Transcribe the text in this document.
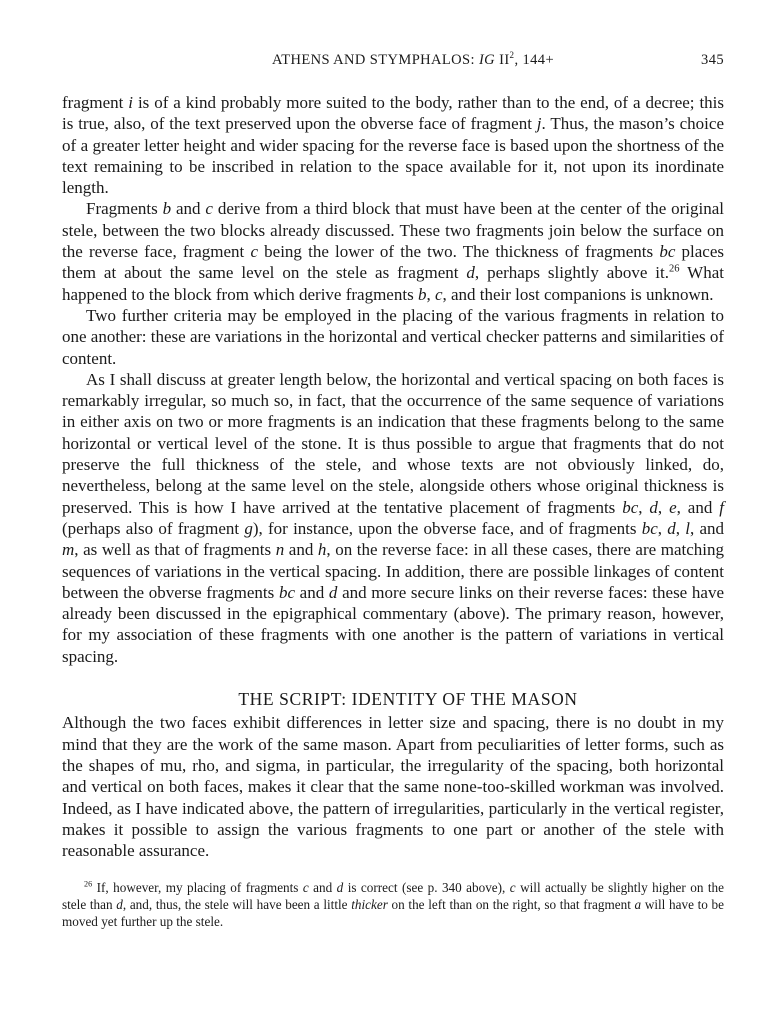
ATHENS AND STYMPHALOS: IG $II^2$, 144+	345

fragment i is of a kind probably more suited to the body, rather than to the end, of a decree; this is true, also, of the text preserved upon the obverse face of fragment j. Thus, the mason’s choice of a greater letter height and wider spacing for the reverse face is based upon the shortness of the text remaining to be inscribed in relation to the space available for it, not upon its inordinate length.

Fragments b and c derive from a third block that must have been at the center of the original stele, between the two blocks already discussed. These two fragments join below the surface on the reverse face, fragment c being the lower of the two. The thickness of fragments bc places them at about the same level on the stele as fragment d, perhaps slightly above it.$^{26}$ What happened to the block from which derive fragments b, c, and their lost companions is unknown.

Two further criteria may be employed in the placing of the various fragments in relation to one another: these are variations in the horizontal and vertical checker patterns and similarities of content.

As I shall discuss at greater length below, the horizontal and vertical spacing on both faces is remarkably irregular, so much so, in fact, that the occurrence of the same sequence of variations in either axis on two or more fragments is an indication that these fragments belong to the same horizontal or vertical level of the stone. It is thus possible to argue that fragments that do not preserve the full thickness of the stele, and whose texts are not obviously linked, do, nevertheless, belong at the same level on the stele, alongside others whose original thickness is preserved. This is how I have arrived at the tentative placement of fragments bc, d, e, and f (perhaps also of fragment g), for instance, upon the obverse face, and of fragments bc, d, l, and m, as well as that of fragments n and h, on the reverse face: in all these cases, there are matching sequences of variations in the vertical spacing. In addition, there are possible linkages of content between the obverse fragments bc and d and more secure links on their reverse faces: these have already been discussed in the epigraphical commentary (above). The primary reason, however, for my association of these fragments with one another is the pattern of variations in vertical spacing.

THE SCRIPT: IDENTITY OF THE MASON

Although the two faces exhibit differences in letter size and spacing, there is no doubt in my mind that they are the work of the same mason. Apart from peculiarities of letter forms, such as the shapes of mu, rho, and sigma, in particular, the irregularity of the spacing, both horizontal and vertical on both faces, makes it clear that the same none-too-skilled workman was involved. Indeed, as I have indicated above, the pattern of irregularities, particularly in the vertical register, makes it possible to assign the various fragments to one part or another of the stele with reasonable assurance.

$^{26}$ If, however, my placing of fragments c and d is correct (see p. 340 above), c will actually be slightly higher on the stele than d, and, thus, the stele will have been a little thicker on the left than on the right, so that fragment a will have to be moved yet further up the stele.
